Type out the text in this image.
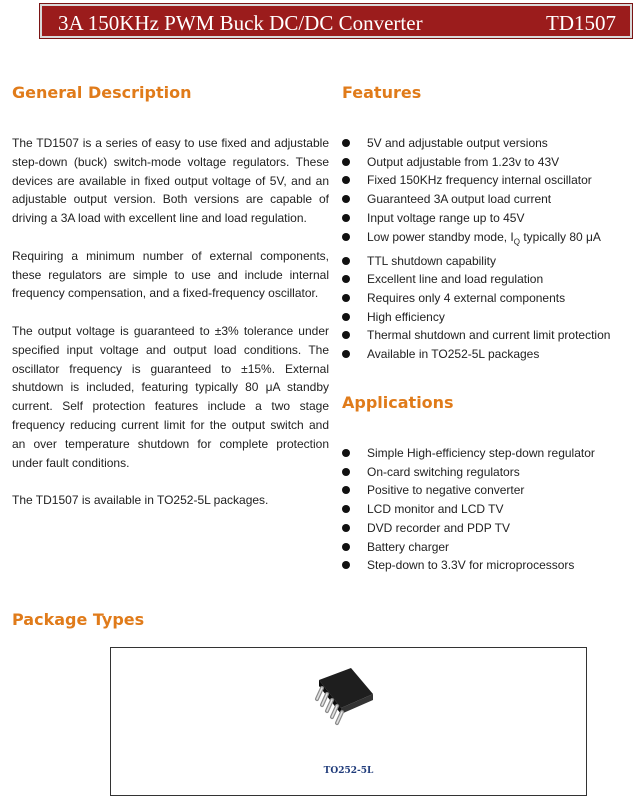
3A 150KHz PWM Buck DC/DC Converter	TD1507
General Description

The TD1507 is a series of easy to use fixed and adjustable step-down (buck) switch-mode voltage regulators. These devices are available in fixed output voltage of 5V, and an adjustable output version. Both versions are capable of driving a 3A load with excellent line and load regulation.

Requiring a minimum number of external components, these regulators are simple to use and include internal frequency compensation, and a fixed-frequency oscillator.

The output voltage is guaranteed to ±3% tolerance under specified input voltage and output load conditions. The oscillator frequency is guaranteed to ±15%. External shutdown is included, featuring typically 80 μA standby current. Self protection features include a two stage frequency reducing current limit for the output switch and an over temperature shutdown for complete protection under fault conditions.

The TD1507 is available in TO252-5L packages.

Features
5V and adjustable output versions
Output adjustable from 1.23v to 43V
Fixed 150KHz frequency internal oscillator
Guaranteed 3A output load current
Input voltage range up to 45V
Low power standby mode, $I_Q$ typically 80 μA
TTL shutdown capability
Excellent line and load regulation
Requires only 4 external components
High efficiency
Thermal shutdown and current limit protection
Available in TO252-5L packages
Applications
Simple High-efficiency step-down regulator
On-card switching regulators
Positive to negative converter
LCD monitor and LCD TV
DVD recorder and PDP TV
Battery charger
Step-down to 3.3V for microprocessors
Package Types
TO252-5L
